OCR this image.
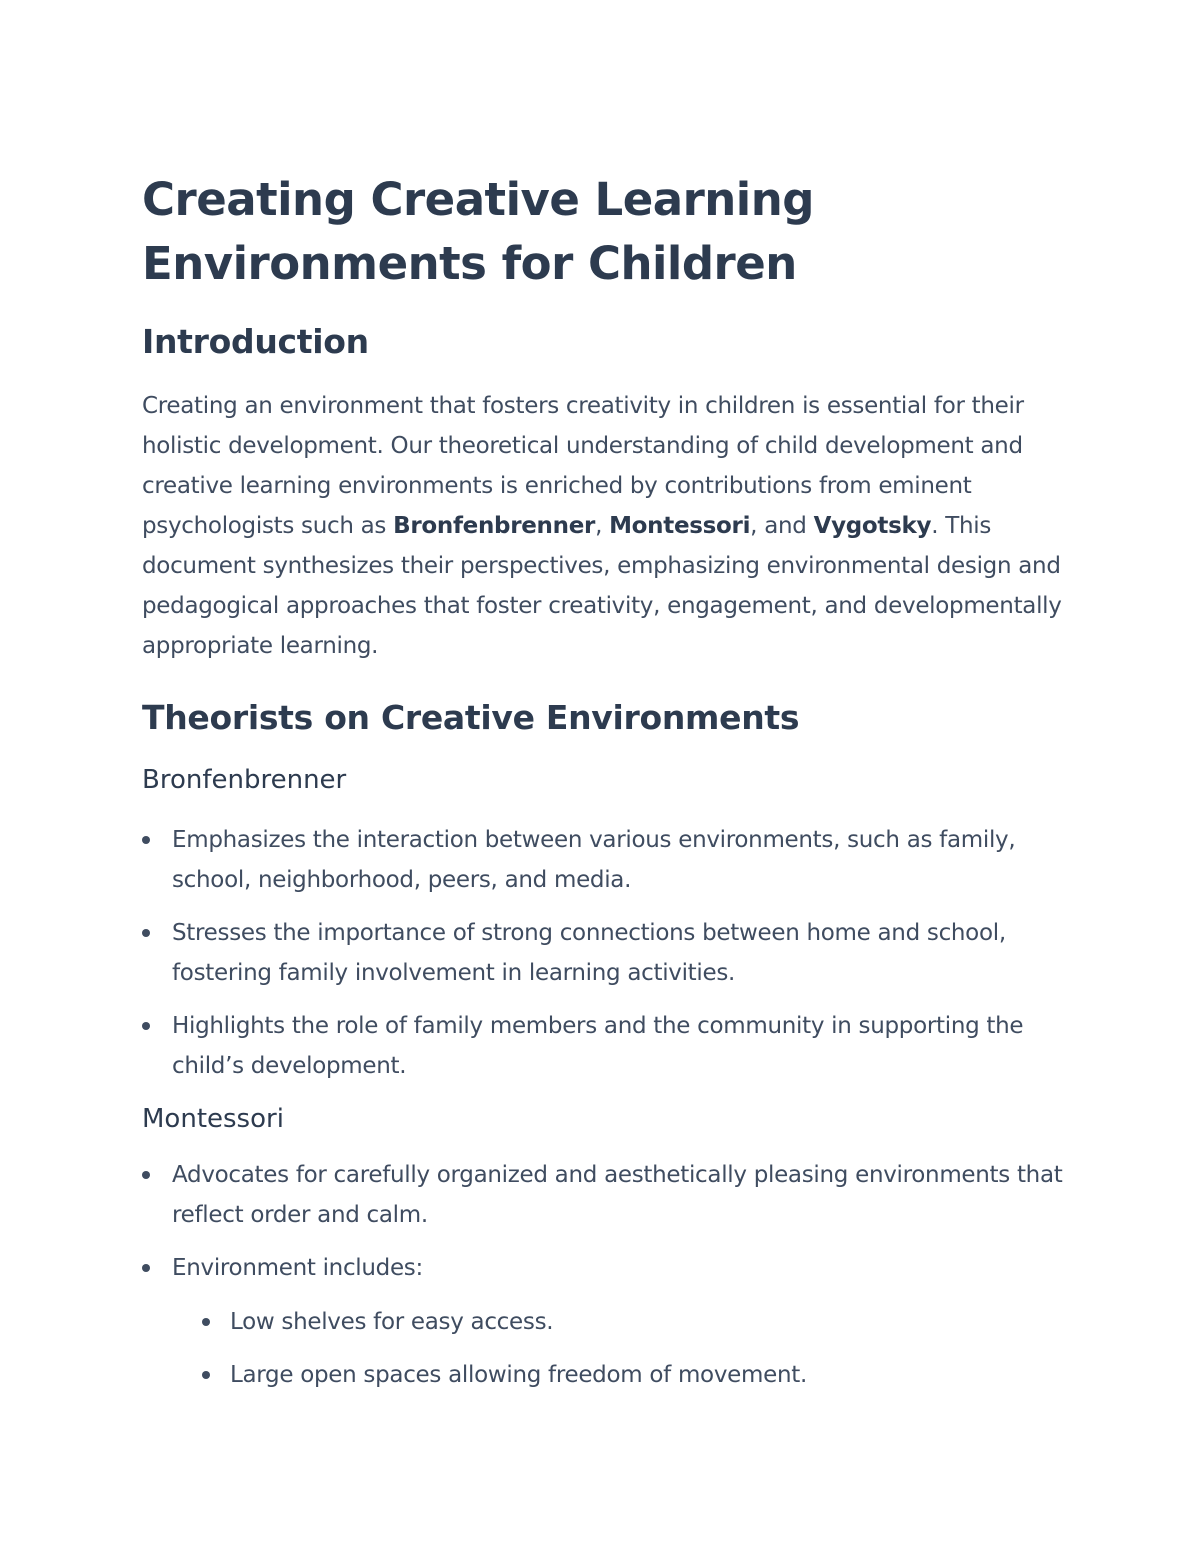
Creating Creative Learning Environments for Children
Introduction

Creating an environment that fosters creativity in children is essential for their holistic development. Our theoretical understanding of child development and creative learning environments is enriched by contributions from eminent psychologists such as Bronfenbrenner, Montessori, and Vygotsky. This document synthesizes their perspectives, emphasizing environmental design and pedagogical approaches that foster creativity, engagement, and developmentally appropriate learning.

Theorists on Creative Environments
Bronfenbrenner
Emphasizes the interaction between various environments, such as family, school, neighborhood, peers, and media.
Stresses the importance of strong connections between home and school, fostering family involvement in learning activities.
Highlights the role of family members and the community in supporting the child’s development.
Montessori
Advocates for carefully organized and aesthetically pleasing environments that reflect order and calm.
Environment includes:
Low shelves for easy access.
Large open spaces allowing freedom of movement.
